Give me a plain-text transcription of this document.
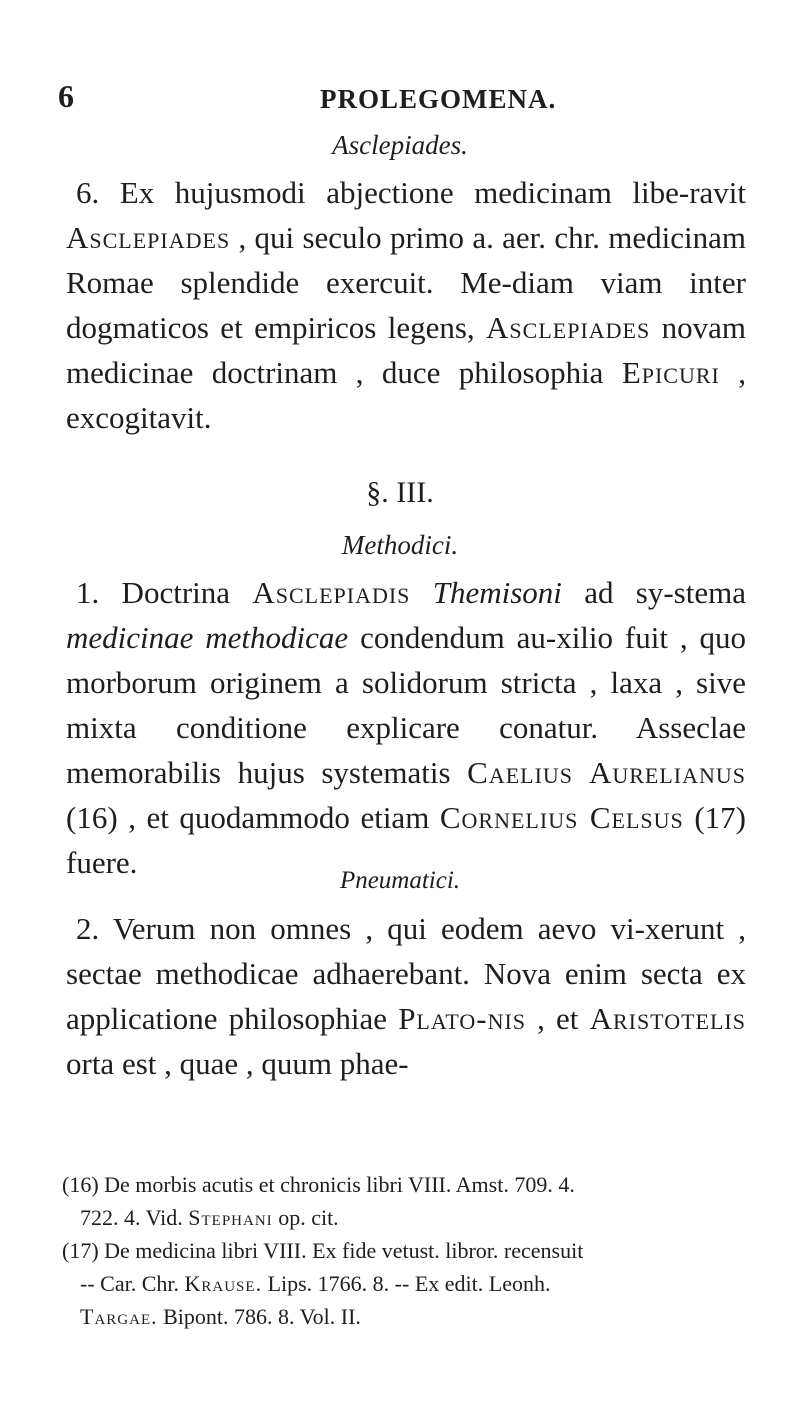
6	PROLEGOMENA.
Asclepiades.

6. Ex hujusmodi abjectione medicinam libe-ravit Asclepiades , qui seculo primo a. aer. chr. medicinam Romae splendide exercuit. Me-diam viam inter dogmaticos et empiricos legens, Asclepiades novam medicinae doctrinam , duce philosophia Epicuri , excogitavit.

§. III.
Methodici.

1. Doctrina Asclepiadis Themisoni ad sy-stema medicinae methodicae condendum au-xilio fuit , quo morborum originem a solidorum stricta , laxa , sive mixta conditione explicare conatur. Asseclae memorabilis hujus systematis Caelius Aurelianus (16) , et quodammodo etiam Cornelius Celsus (17) fuere.

Pneumatici.

2. Verum non omnes , qui eodem aevo vi-xerunt , sectae methodicae adhaerebant. Nova enim secta ex applicatione philosophiae Plato-nis , et Aristotelis orta est , quae , quum phae-

(16) De morbis acutis et chronicis libri VIII. Amst. 709. 4.

722. 4. Vid. Stephani op. cit.

(17) De medicina libri VIII. Ex fide vetust. libror. recensuit

-- Car. Chr. Krause. Lips. 1766. 8. -- Ex edit. Leonh.

Targae. Bipont. 786. 8. Vol. II.
